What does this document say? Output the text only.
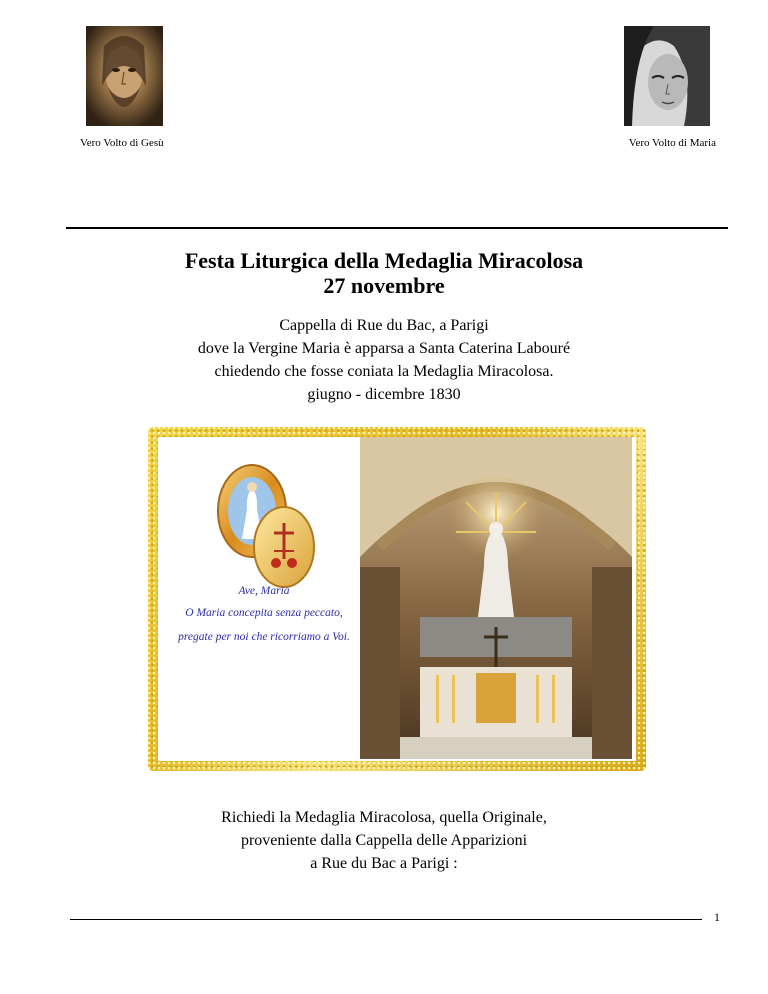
Vero Volto di Gesù	Vero Volto di Maria
Festa Liturgica della Medaglia Miracolosa
27 novembre
Cappella di Rue du Bac, a Parigi
dove la Vergine Maria è apparsa a Santa Caterina Labouré
chiedendo che fosse coniata la Medaglia Miracolosa.
giugno - dicembre 1830
Ave, Maria
O Maria concepita senza peccato,
pregate per noi che ricorriamo a Voi.
Richiedi la Medaglia Miracolosa, quella Originale,
proveniente dalla Cappella delle Apparizioni
a Rue du Bac a Parigi :
1
